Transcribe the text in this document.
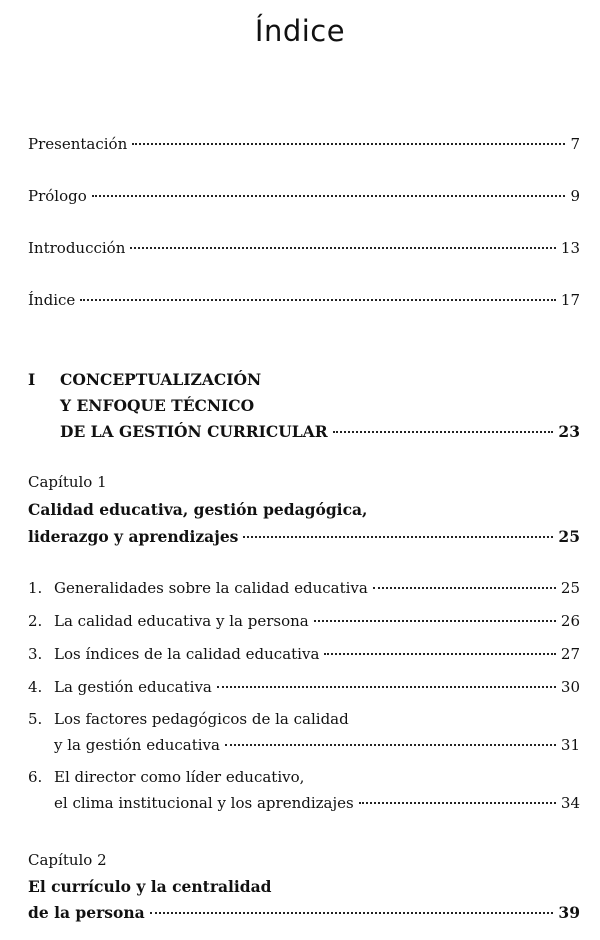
Índice
Presentación	7
Prólogo	9
Introducción	13
Índice	17
I CONCEPTUALIZACIÓN
Y ENFOQUE TÉCNICO
DE LA GESTIÓN CURRICULAR	23
Capítulo 1
Calidad educativa, gestión pedagógica,
liderazgo y aprendizajes	25
1. Generalidades sobre la calidad educativa	25
2. La calidad educativa y la persona	26
3. Los índices de la calidad educativa	27
4. La gestión educativa	30
5. Los factores pedagógicos de la calidad
y la gestión educativa	31
6. El director como líder educativo,
el clima institucional y los aprendizajes	34
Capítulo 2
El currículo y la centralidad
de la persona	39
